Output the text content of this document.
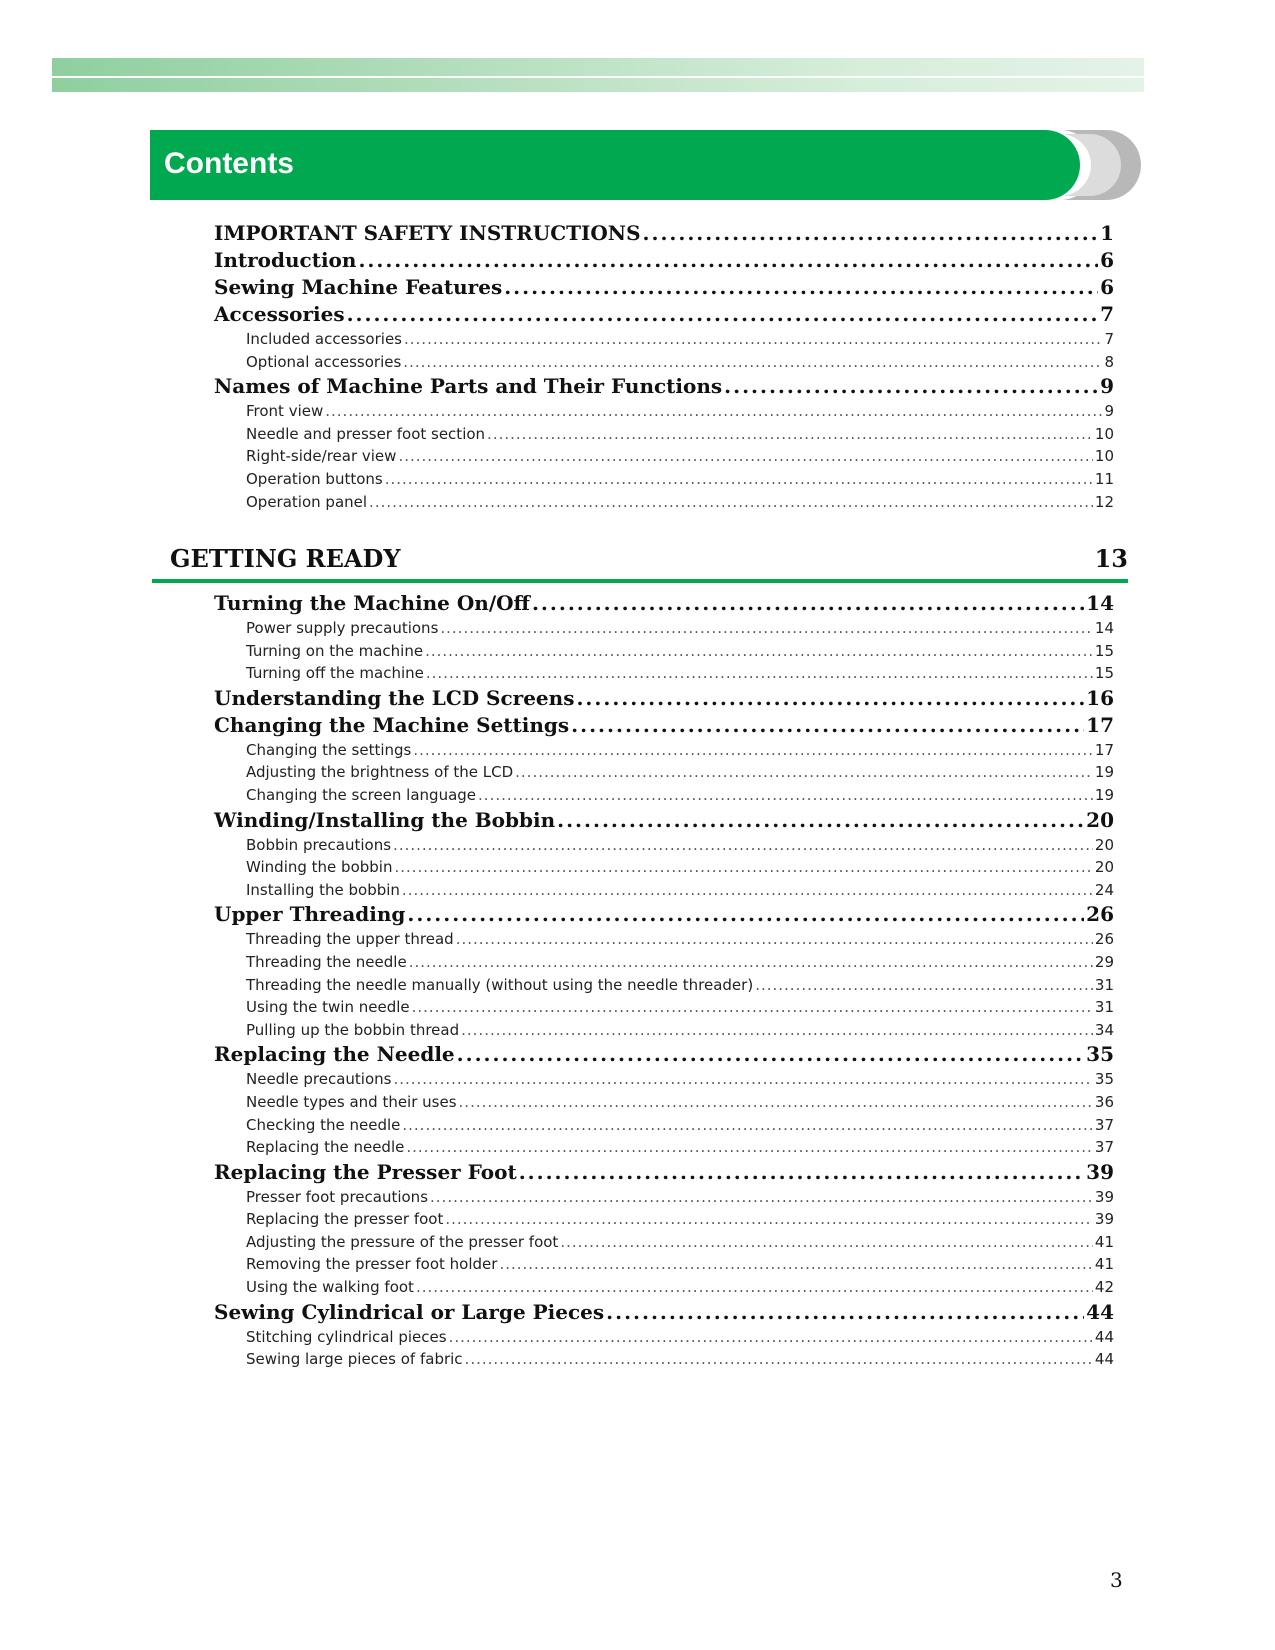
Contents
IMPORTANT SAFETY INSTRUCTIONS .....	1
Introduction .....	6
Sewing Machine Features .....	6
Accessories .....	7
Included accessories .....	7
Optional accessories .....	8
Names of Machine Parts and Their Functions .....	9
Front view .....	9
Needle and presser foot section .....	10
Right-side/rear view .....	10
Operation buttons .....	11
Operation panel .....	12
GETTING READY	13
Turning the Machine On/Off .....	14
Power supply precautions .....	14
Turning on the machine .....	15
Turning off the machine .....	15
Understanding the LCD Screens .....	16
Changing the Machine Settings .....	17
Changing the settings .....	17
Adjusting the brightness of the LCD .....	19
Changing the screen language .....	19
Winding/Installing the Bobbin .....	20
Bobbin precautions .....	20
Winding the bobbin .....	20
Installing the bobbin .....	24
Upper Threading .....	26
Threading the upper thread .....	26
Threading the needle .....	29
Threading the needle manually (without using the needle threader) .....	31
Using the twin needle .....	31
Pulling up the bobbin thread .....	34
Replacing the Needle .....	35
Needle precautions .....	35
Needle types and their uses .....	36
Checking the needle .....	37
Replacing the needle .....	37
Replacing the Presser Foot .....	39
Presser foot precautions .....	39
Replacing the presser foot .....	39
Adjusting the pressure of the presser foot .....	41
Removing the presser foot holder .....	41
Using the walking foot .....	42
Sewing Cylindrical or Large Pieces .....	44
Stitching cylindrical pieces .....	44
Sewing large pieces of fabric .....	44
3
